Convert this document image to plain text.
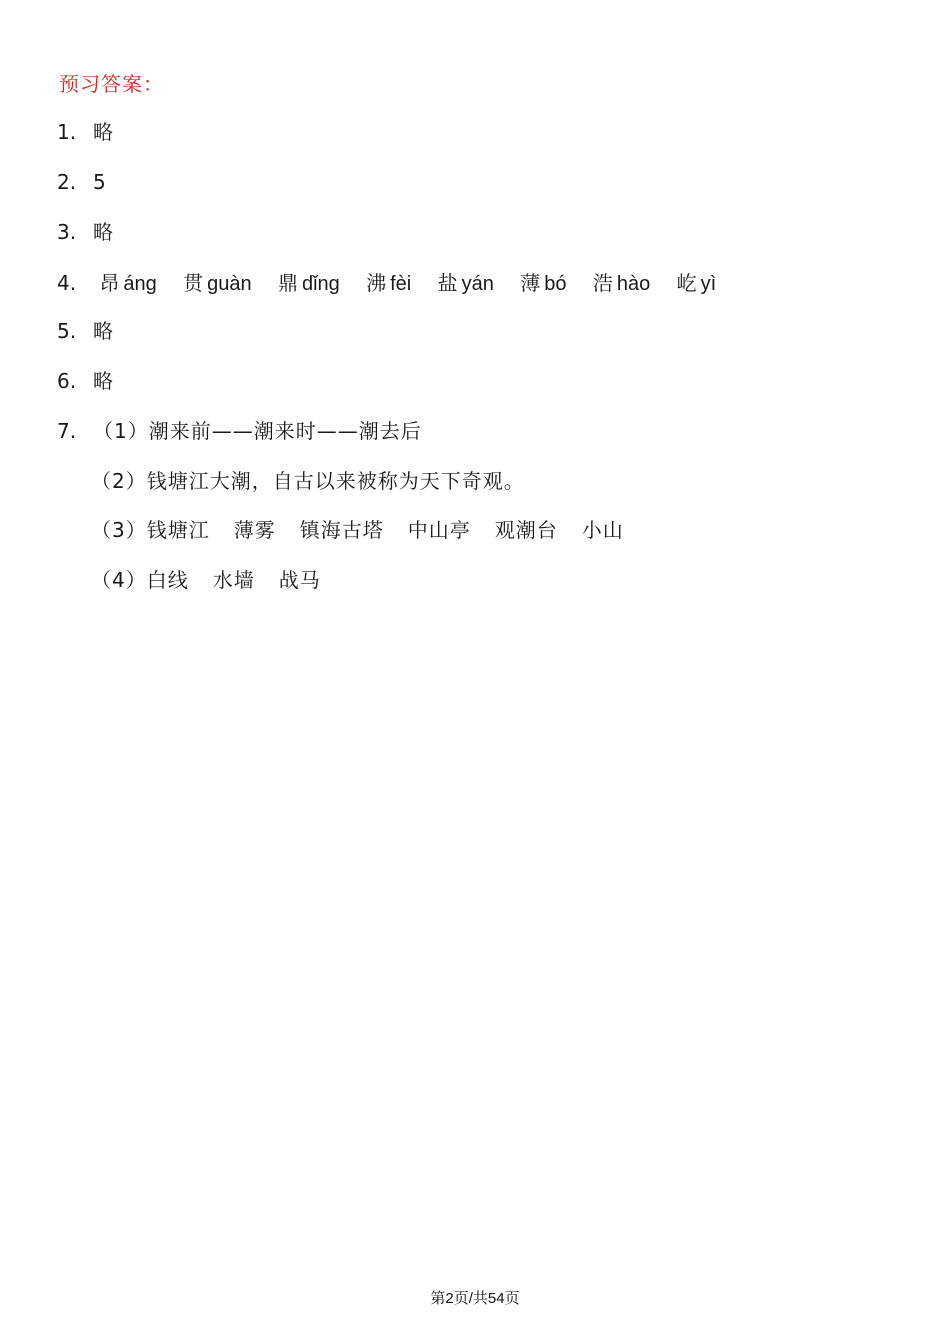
预习答案：
1. 略
2. 5
3. 略
4. 昂 áng 贯 guàn 鼎 dǐng 沸 fèi 盐 yán 薄 bó 浩 hào 屹 yì
5. 略
6. 略
7. （1）潮来前——潮来时——潮去后
（2）钱塘江大潮，自古以来被称为天下奇观。
（3）钱塘江 薄雾 镇海古塔 中山亭 观潮台 小山
（4）白线 水墙 战马
第2页/共54页
